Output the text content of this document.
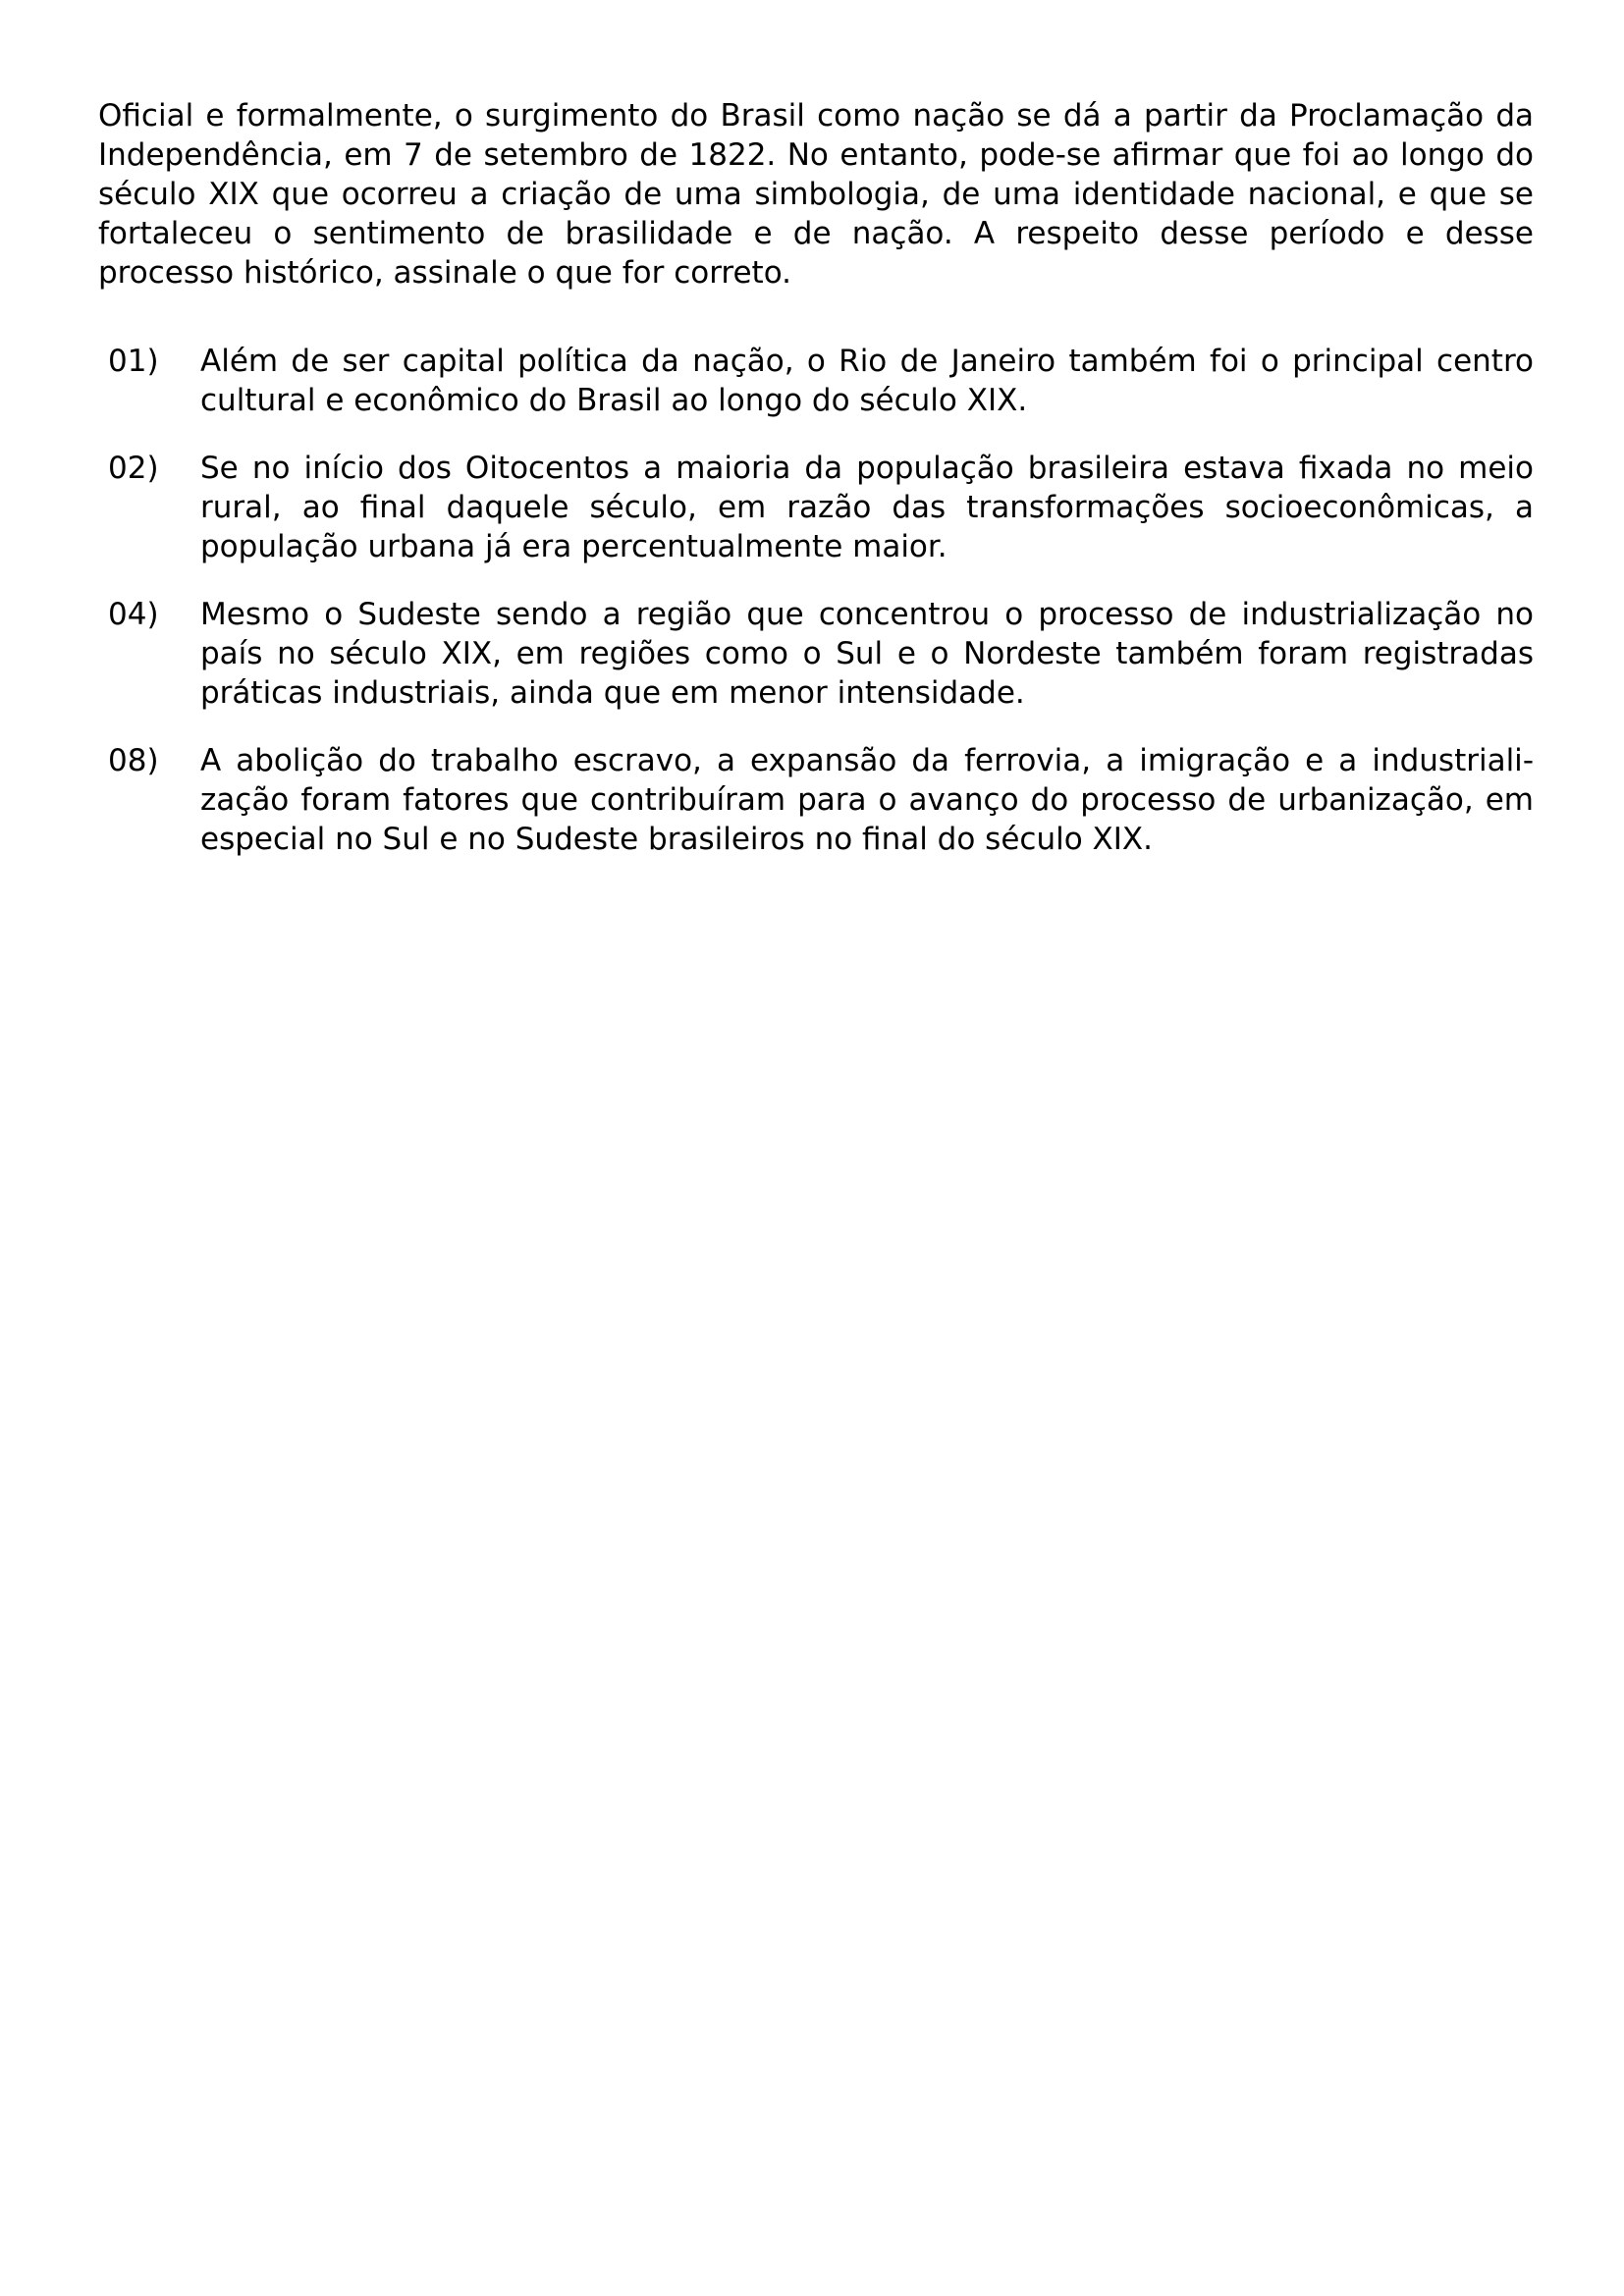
Oficial e formalmente, o surgimento do Brasil como nação se dá a partir da Proclamação da Independência, em 7 de setembro de 1822. No entanto, pode-se afirmar que foi ao longo do século XIX que ocorreu a criação de uma simbologia, de uma identidade nacional, e que se fortaleceu o sentimento de brasilidade e de nação. A respeito desse período e desse processo histórico, assinale o que for correto.

01)	Além de ser capital política da nação, o Rio de Janeiro também foi o principal centro cultural e econômico do Brasil ao longo do século XIX.
02)	Se no início dos Oitocentos a maioria da população brasileira estava fixada no meio rural, ao final daquele século, em razão das transformações socioeconômicas, a população urbana já era percentualmente maior.
04)	Mesmo o Sudeste sendo a região que concentrou o processo de industrialização no país no século XIX, em regiões como o Sul e o Nordeste também foram registradas práticas industriais, ainda que em menor intensidade.
08)	A abolição do trabalho escravo, a expansão da ferrovia, a imigração e a industrialização foram fatores que contribuíram para o avanço do processo de urbanização, em especial no Sul e no Sudeste brasileiros no final do século XIX.
